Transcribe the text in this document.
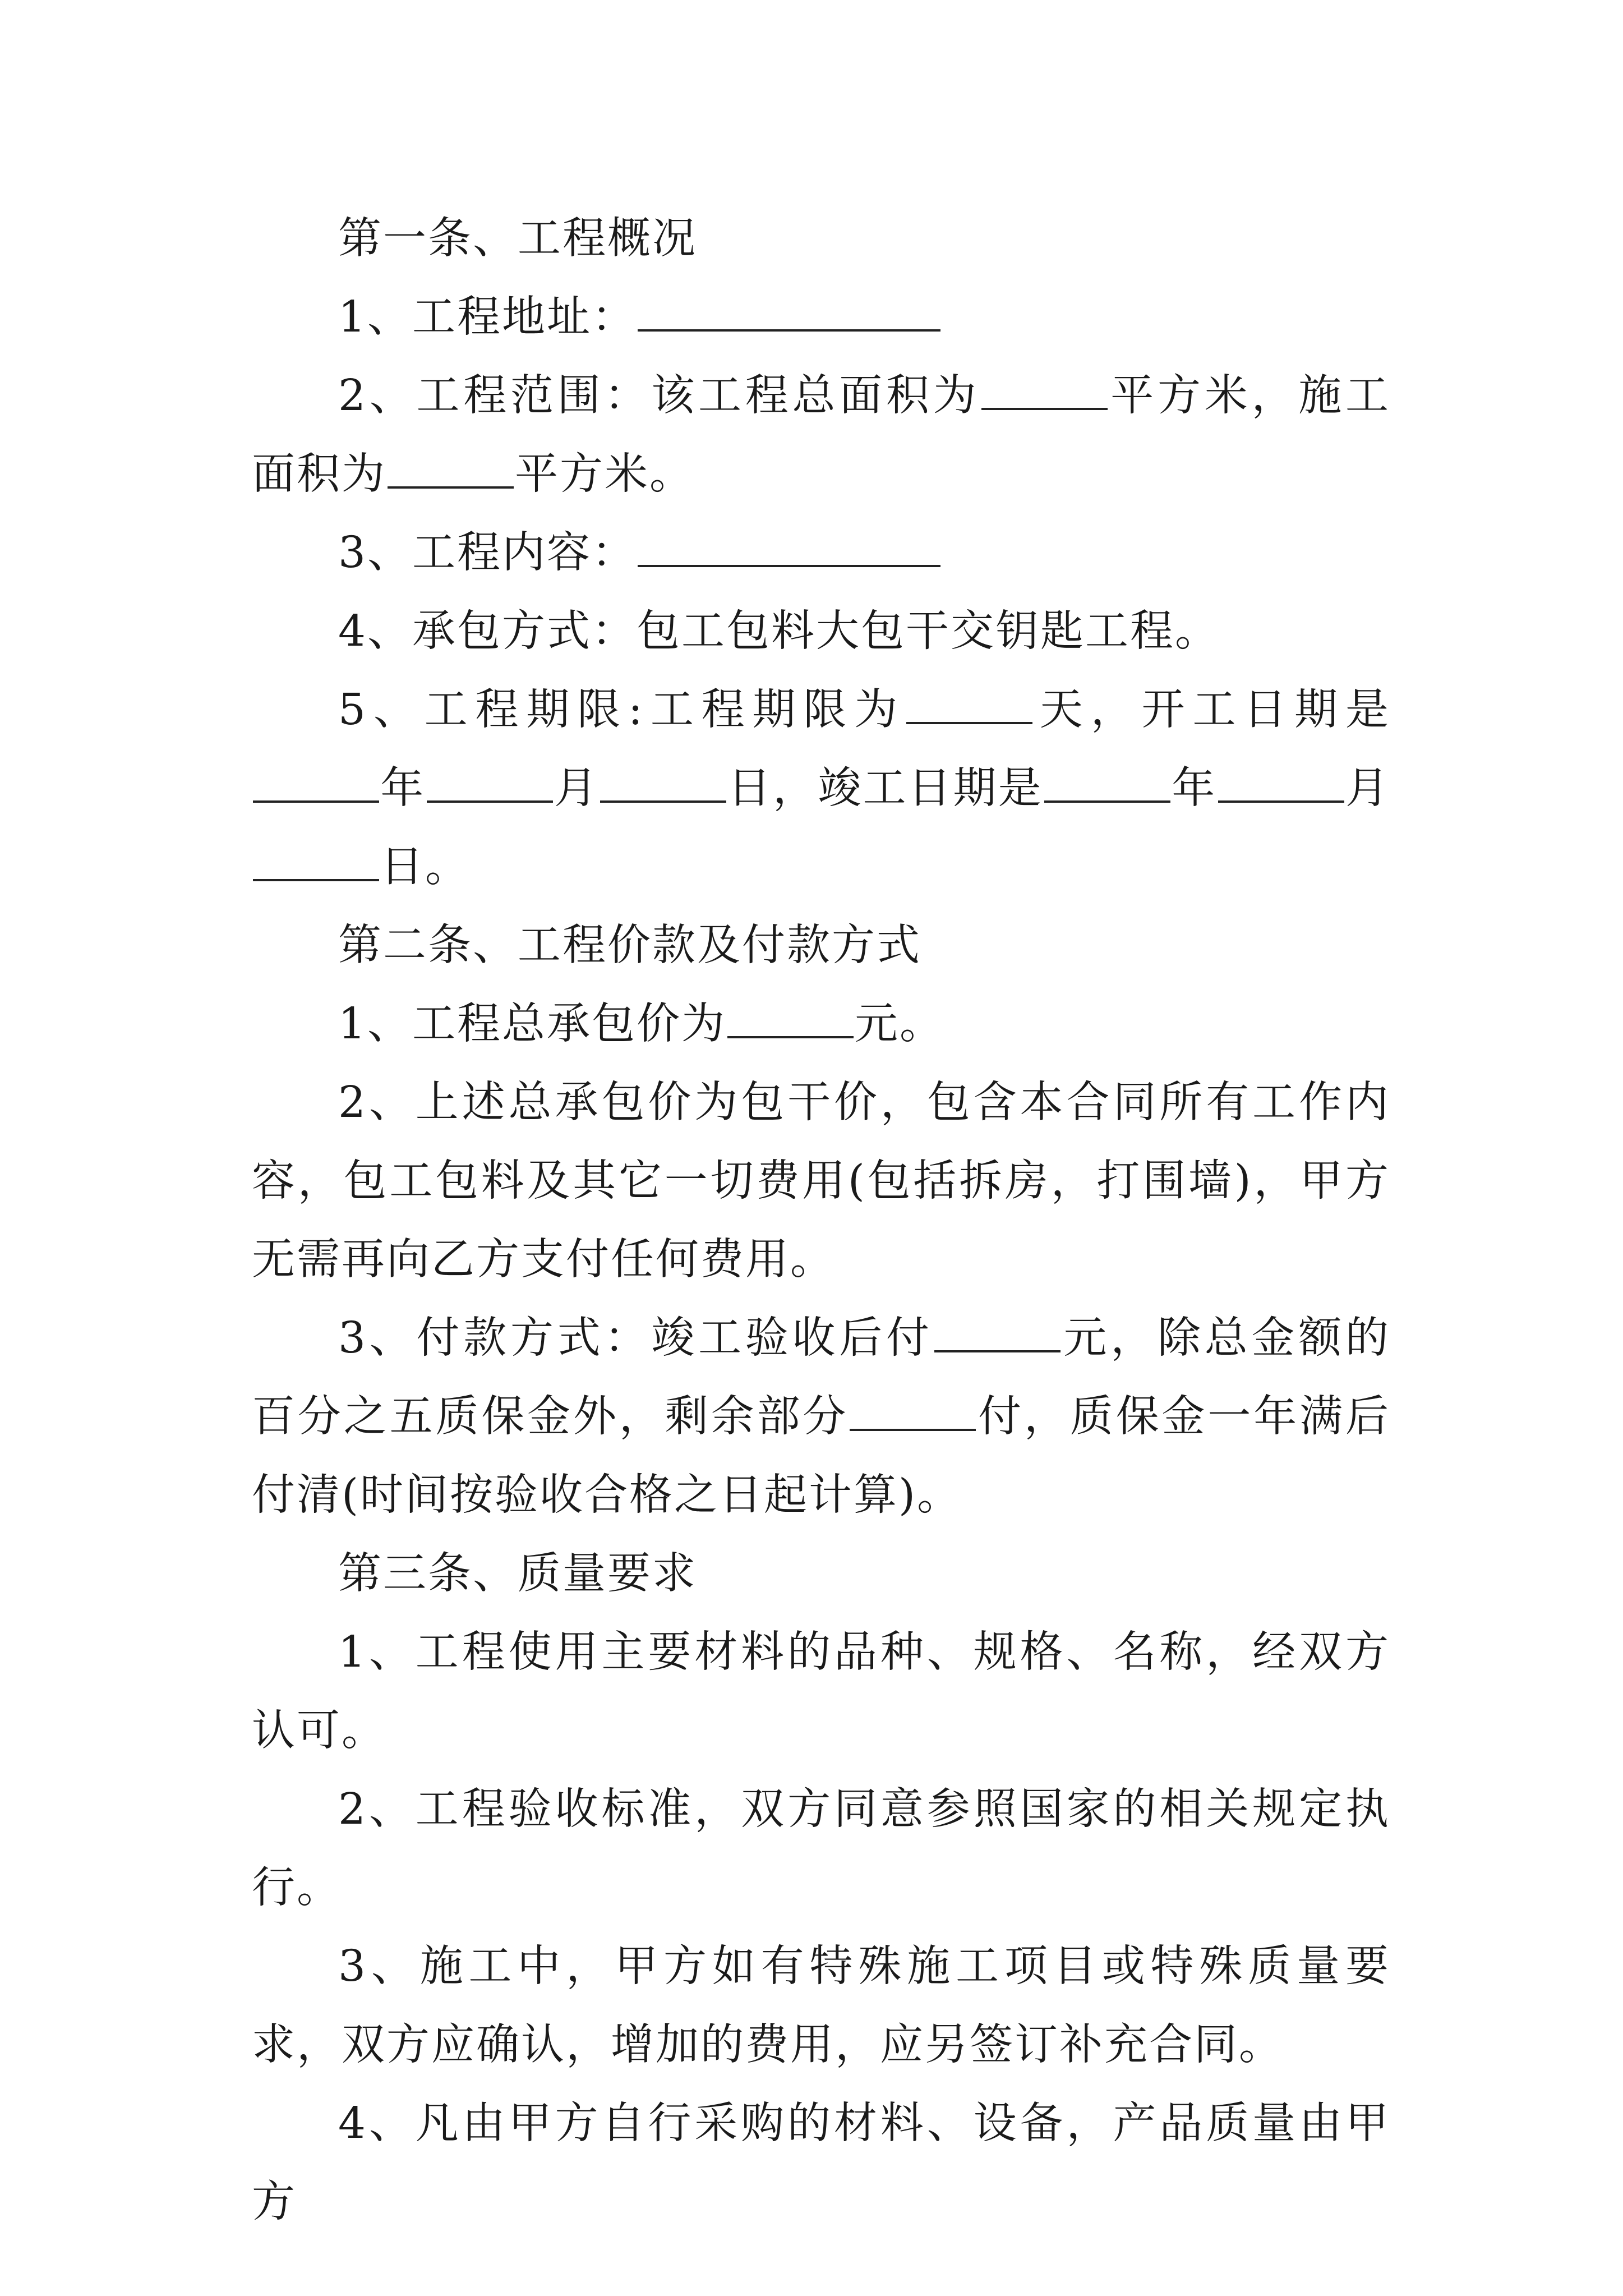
第一条、工程概况

1、工程地址：

2、工程范围：该工程总面积为	平方米，施工面积为	平方米。

3、工程内容：

4、承包方式：包工包料大包干交钥匙工程。

5、工程期限:工程期限为	天，开工日期是年	月	日，竣工日期是	年	月日。

第二条、工程价款及付款方式

1、工程总承包价为	元。

2、上述总承包价为包干价，包含本合同所有工作内容，包工包料及其它一切费用(包括拆房，打围墙)，甲方无需再向乙方支付任何费用。

3、付款方式：竣工验收后付	元，除总金额的百分之五质保金外，剩余部分	付，质保金一年满后付清(时间按验收合格之日起计算)。

第三条、质量要求

1、工程使用主要材料的品种、规格、名称，经双方认可。

2、工程验收标准，双方同意参照国家的相关规定执行。

3、施工中，甲方如有特殊施工项目或特殊质量要求，双方应确认，增加的费用，应另签订补充合同。

4、凡由甲方自行采购的材料、设备，产品质量由甲方
